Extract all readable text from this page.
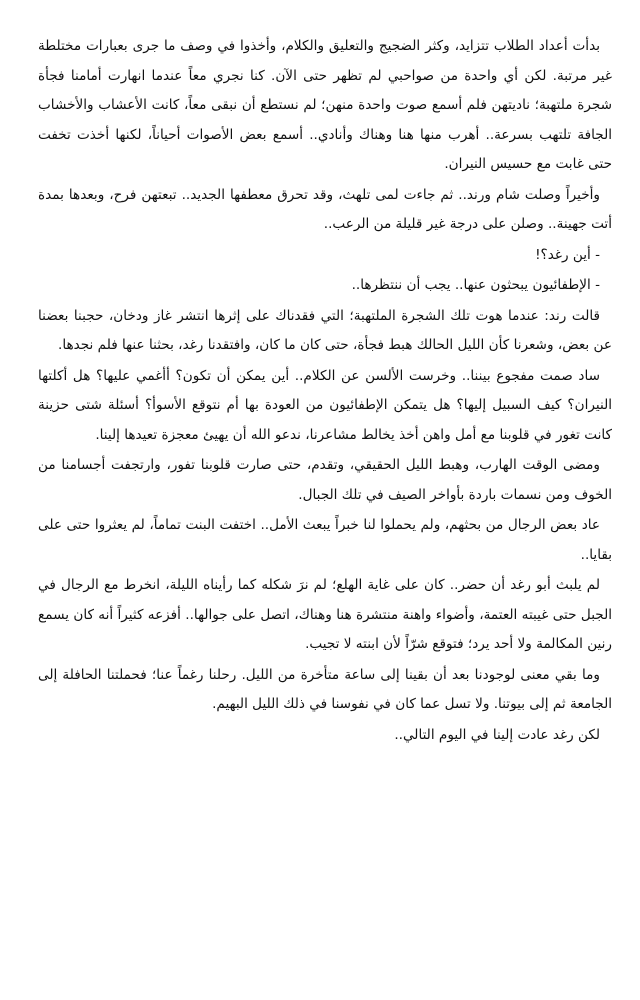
بدأت أعداد الطلاب تتزايد، وكثر الضجيج والتعليق والكلام، وأخذوا في وصف ما جرى بعبارات مختلطة غير مرتبة. لكن أي واحدة من صواحبي لم تظهر حتى الآن. كنا نجري معاً عندما انهارت أمامنا فجأة شجرة ملتهبة؛ ناديتهن فلم أسمع صوت واحدة منهن؛ لم نستطع أن نبقى معاً، كانت الأعشاب والأخشاب الجافة تلتهب بسرعة.. أهرب منها هنا وهناك وأنادي.. أسمع بعض الأصوات أحياناً، لكنها أخذت تخفت حتى غابت مع حسيس النيران.

وأخيراً وصلت شام ورند.. ثم جاءت لمى تلهث، وقد تحرق معطفها الجديد.. تبعتهن فرح، وبعدها بمدة أتت جهينة.. وصلن على درجة غير قليلة من الرعب..

- أين رغد؟!

- الإطفائيون يبحثون عنها.. يجب أن ننتظرها..

قالت رند: عندما هوت تلك الشجرة الملتهبة؛ التي فقدناك على إثرها انتشر غاز ودخان، حجبنا بعضنا عن بعض، وشعرنا كأن الليل الحالك هبط فجأة، حتى كان ما كان، وافتقدنا رغد، بحثنا عنها فلم نجدها.

ساد صمت مفجوع بيننا.. وخرست الألسن عن الكلام.. أين يمكن أن تكون؟ أأغمي عليها؟ هل أكلتها النيران؟ كيف السبيل إليها؟ هل يتمكن الإطفائيون من العودة بها أم نتوقع الأسوأ؟ أسئلة شتى حزينة كانت تغور في قلوبنا مع أمل واهن أخذ يخالط مشاعرنا، ندعو الله أن يهيئ معجزة تعيدها إلينا.

ومضى الوقت الهارب، وهبط الليل الحقيقي، وتقدم، حتى صارت قلوبنا تفور، وارتجفت أجسامنا من الخوف ومن نسمات باردة بأواخر الصيف في تلك الجبال.

عاد بعض الرجال من بحثهم، ولم يحملوا لنا خبراً يبعث الأمل.. اختفت البنت تماماً، لم يعثروا حتى على بقايا..

لم يلبث أبو رغد أن حضر.. كان على غاية الهلع؛ لم نرَ شكله كما رأيناه الليلة، انخرط مع الرجال في الجبل حتى غيبته العتمة، وأضواء واهنة منتشرة هنا وهناك، اتصل على جوالها.. أفزعه كثيراً أنه كان يسمع رنين المكالمة ولا أحد يرد؛ فتوقع شرّاً لأن ابنته لا تجيب.

وما بقي معنى لوجودنا بعد أن بقينا إلى ساعة متأخرة من الليل. رحلنا رغماً عنا؛ فحملتنا الحافلة إلى الجامعة ثم إلى بيوتنا. ولا تسل عما كان في نفوسنا في ذلك الليل البهيم.

لكن رغد عادت إلينا في اليوم التالي..
